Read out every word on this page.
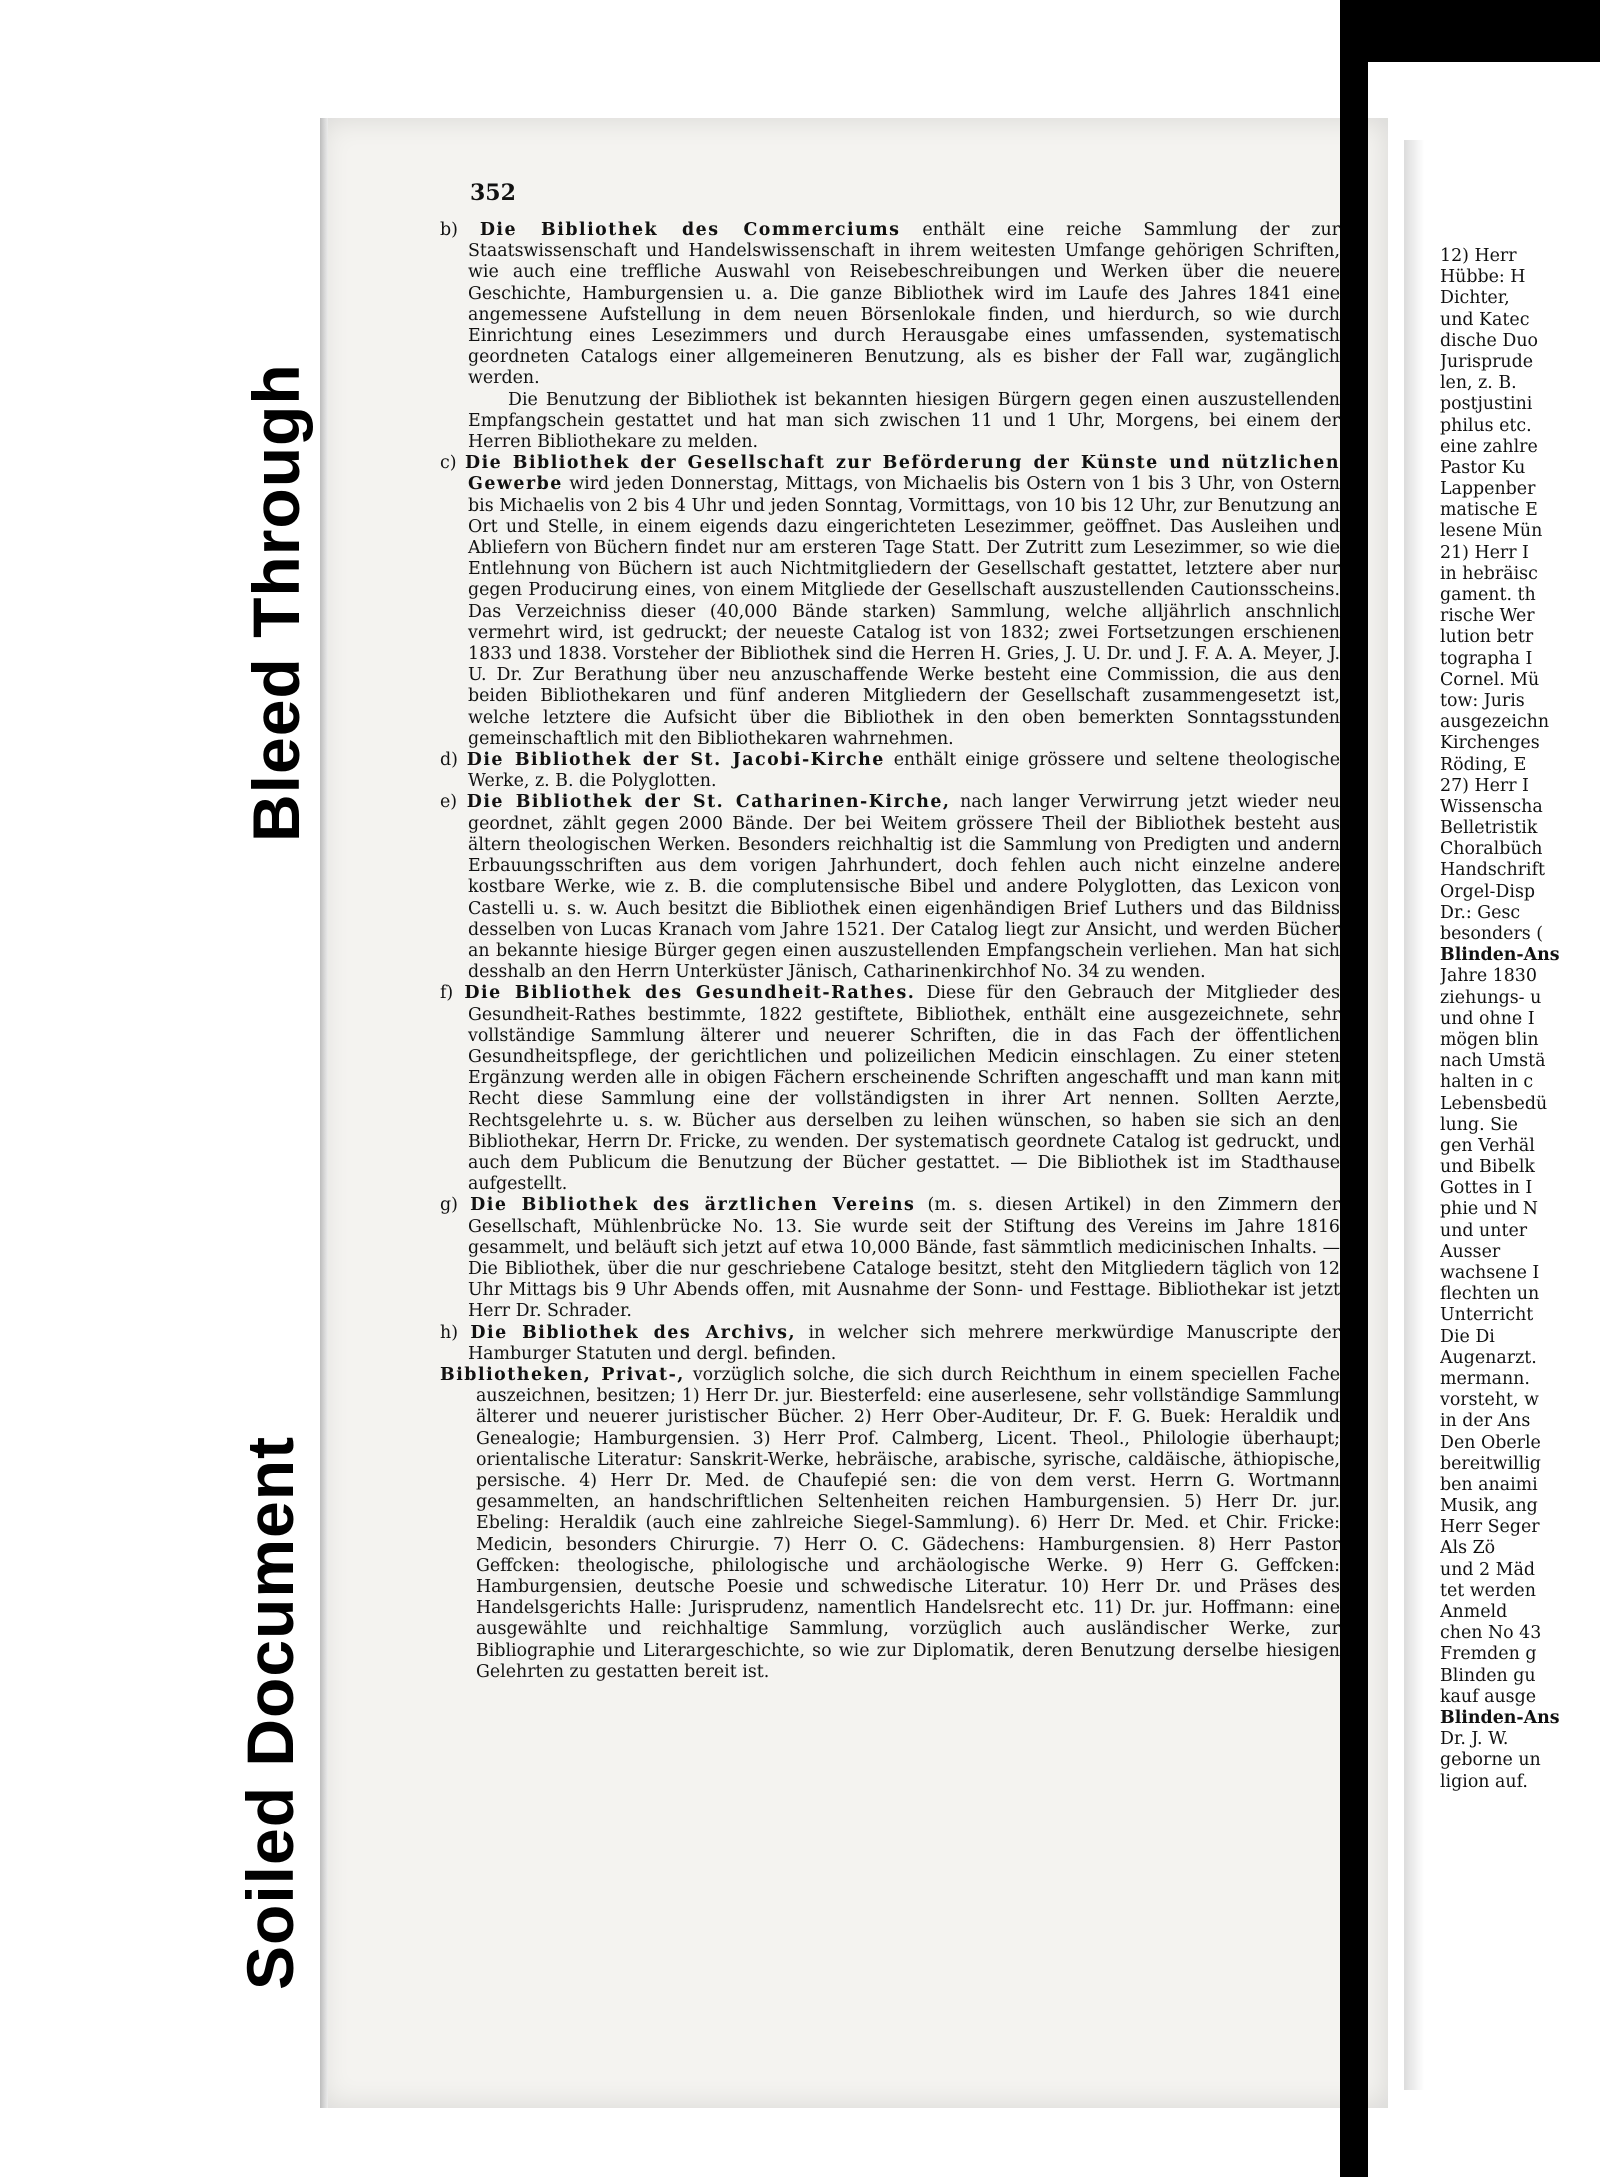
Bleed Through
Soiled Document
352
b) Die Bibliothek des Commerciums enthält eine reiche Sammlung der zur Staatswissenschaft und Handelswissenschaft in ihrem weitesten Umfange gehörigen Schriften, wie auch eine treffliche Auswahl von Reisebeschreibungen und Werken über die neuere Geschichte, Hamburgensien u. a. Die ganze Bibliothek wird im Laufe des Jahres 1841 eine angemessene Aufstellung in dem neuen Börsenlokale finden, und hierdurch, so wie durch Einrichtung eines Lesezimmers und durch Herausgabe eines umfassenden, systematisch geordneten Catalogs einer allgemeineren Benutzung, als es bisher der Fall war, zugänglich werden.

Die Benutzung der Bibliothek ist bekannten hiesigen Bürgern gegen einen auszustellenden Empfangschein gestattet und hat man sich zwischen 11 und 1 Uhr, Morgens, bei einem der Herren Bibliothekare zu melden.

c) Die Bibliothek der Gesellschaft zur Beförderung der Künste und nützlichen Gewerbe wird jeden Donnerstag, Mittags, von Michaelis bis Ostern von 1 bis 3 Uhr, von Ostern bis Michaelis von 2 bis 4 Uhr und jeden Sonntag, Vormittags, von 10 bis 12 Uhr, zur Benutzung an Ort und Stelle, in einem eigends dazu eingerichteten Lesezimmer, geöffnet. Das Ausleihen und Abliefern von Büchern findet nur am ersteren Tage Statt. Der Zutritt zum Lesezimmer, so wie die Entlehnung von Büchern ist auch Nichtmitgliedern der Gesellschaft gestattet, letztere aber nur gegen Producirung eines, von einem Mitgliede der Gesellschaft auszustellenden Cautionsscheins. Das Verzeichniss dieser (40,000 Bände starken) Sammlung, welche alljährlich anschnlich vermehrt wird, ist gedruckt; der neueste Catalog ist von 1832; zwei Fortsetzungen erschienen 1833 und 1838. Vorsteher der Bibliothek sind die Herren H. Gries, J. U. Dr. und J. F. A. A. Meyer, J. U. Dr. Zur Berathung über neu anzuschaffende Werke besteht eine Commission, die aus den beiden Bibliothekaren und fünf anderen Mitgliedern der Gesellschaft zusammengesetzt ist, welche letztere die Aufsicht über die Bibliothek in den oben bemerkten Sonntagsstunden gemeinschaftlich mit den Bibliothekaren wahrnehmen.
d) Die Bibliothek der St. Jacobi-Kirche enthält einige grössere und seltene theologische Werke, z. B. die Polyglotten.
e) Die Bibliothek der St. Catharinen-Kirche, nach langer Verwirrung jetzt wieder neu geordnet, zählt gegen 2000 Bände. Der bei Weitem grössere Theil der Bibliothek besteht aus ältern theologischen Werken. Besonders reichhaltig ist die Sammlung von Predigten und andern Erbauungsschriften aus dem vorigen Jahrhundert, doch fehlen auch nicht einzelne andere kostbare Werke, wie z. B. die complutensische Bibel und andere Polyglotten, das Lexicon von Castelli u. s. w. Auch besitzt die Bibliothek einen eigenhändigen Brief Luthers und das Bildniss desselben von Lucas Kranach vom Jahre 1521. Der Catalog liegt zur Ansicht, und werden Bücher an bekannte hiesige Bürger gegen einen auszustellenden Empfangschein verliehen. Man hat sich desshalb an den Herrn Unterküster Jänisch, Catharinenkirchhof No. 34 zu wenden.
f) Die Bibliothek des Gesundheit-Rathes. Diese für den Gebrauch der Mitglieder des Gesundheit-Rathes bestimmte, 1822 gestiftete, Bibliothek, enthält eine ausgezeichnete, sehr vollständige Sammlung älterer und neuerer Schriften, die in das Fach der öffentlichen Gesundheitspflege, der gerichtlichen und polizeilichen Medicin einschlagen. Zu einer steten Ergänzung werden alle in obigen Fächern erscheinende Schriften angeschafft und man kann mit Recht diese Sammlung eine der vollständigsten in ihrer Art nennen. Sollten Aerzte, Rechtsgelehrte u. s. w. Bücher aus derselben zu leihen wünschen, so haben sie sich an den Bibliothekar, Herrn Dr. Fricke, zu wenden. Der systematisch geordnete Catalog ist gedruckt, und auch dem Publicum die Benutzung der Bücher gestattet. — Die Bibliothek ist im Stadthause aufgestellt.
g) Die Bibliothek des ärztlichen Vereins (m. s. diesen Artikel) in den Zimmern der Gesellschaft, Mühlenbrücke No. 13. Sie wurde seit der Stiftung des Vereins im Jahre 1816 gesammelt, und beläuft sich jetzt auf etwa 10,000 Bände, fast sämmtlich medicinischen Inhalts. — Die Bibliothek, über die nur geschriebene Cataloge besitzt, steht den Mitgliedern täglich von 12 Uhr Mittags bis 9 Uhr Abends offen, mit Ausnahme der Sonn- und Festtage. Bibliothekar ist jetzt Herr Dr. Schrader.
h) Die Bibliothek des Archivs, in welcher sich mehrere merkwürdige Manuscripte der Hamburger Statuten und dergl. befinden.
Bibliotheken, Privat-, vorzüglich solche, die sich durch Reichthum in einem speciellen Fache auszeichnen, besitzen; 1) Herr Dr. jur. Biesterfeld: eine auserlesene, sehr vollständige Sammlung älterer und neuerer juristischer Bücher. 2) Herr Ober-Auditeur, Dr. F. G. Buek: Heraldik und Genealogie; Hamburgensien. 3) Herr Prof. Calmberg, Licent. Theol., Philologie überhaupt; orientalische Literatur: Sanskrit-Werke, hebräische, arabische, syrische, caldäische, äthiopische, persische. 4) Herr Dr. Med. de Chaufepié sen: die von dem verst. Herrn G. Wortmann gesammelten, an handschriftlichen Seltenheiten reichen Hamburgensien. 5) Herr Dr. jur. Ebeling: Heraldik (auch eine zahlreiche Siegel-Sammlung). 6) Herr Dr. Med. et Chir. Fricke: Medicin, besonders Chirurgie. 7) Herr O. C. Gädechens: Hamburgensien. 8) Herr Pastor Geffcken: theologische, philologische und archäologische Werke. 9) Herr G. Geffcken: Hamburgensien, deutsche Poesie und schwedische Literatur. 10) Herr Dr. und Präses des Handelsgerichts Halle: Jurisprudenz, namentlich Handelsrecht etc. 11) Dr. jur. Hoffmann: eine ausgewählte und reichhaltige Sammlung, vorzüglich auch ausländischer Werke, zur Bibliographie und Literargeschichte, so wie zur Diplomatik, deren Benutzung derselbe hiesigen Gelehrten zu gestatten bereit ist.
12) Herr
Hübbe: H
Dichter,
und Katec
dische Duo
Jurisprude
len, z. B.
postjustini
philus etc.
eine zahlre
Pastor Ku
Lappenber
matische E
lesene Mün
21) Herr I
in hebräisc
gament. th
rische Wer
lution betr
tographa I
Cornel. Mü
tow: Juris
ausgezeichn
Kirchenges
Röding, E
27) Herr I
Wissenscha
Belletristik
Choralbüch
Handschrift
Orgel-Disp
Dr.: Gesc
besonders (
Blinden-Ans
Jahre 1830
ziehungs- u
und ohne I
mögen blin
nach Umstä
halten in c
Lebensbedü
lung. Sie
gen Verhäl
und Bibelk
Gottes in I
phie und N
und unter
Ausser
wachsene I
flechten un
Unterricht
Die Di
Augenarzt.
mermann.
vorsteht, w
in der Ans
Den Oberle
bereitwillig
ben anaimi
Musik, ang
Herr Seger
Als Zö
und 2 Mäd
tet werden
Anmeld
chen No 43
Fremden g
Blinden gu
kauf ausge
Blinden-Ans
Dr. J. W.
geborne un
ligion auf.
